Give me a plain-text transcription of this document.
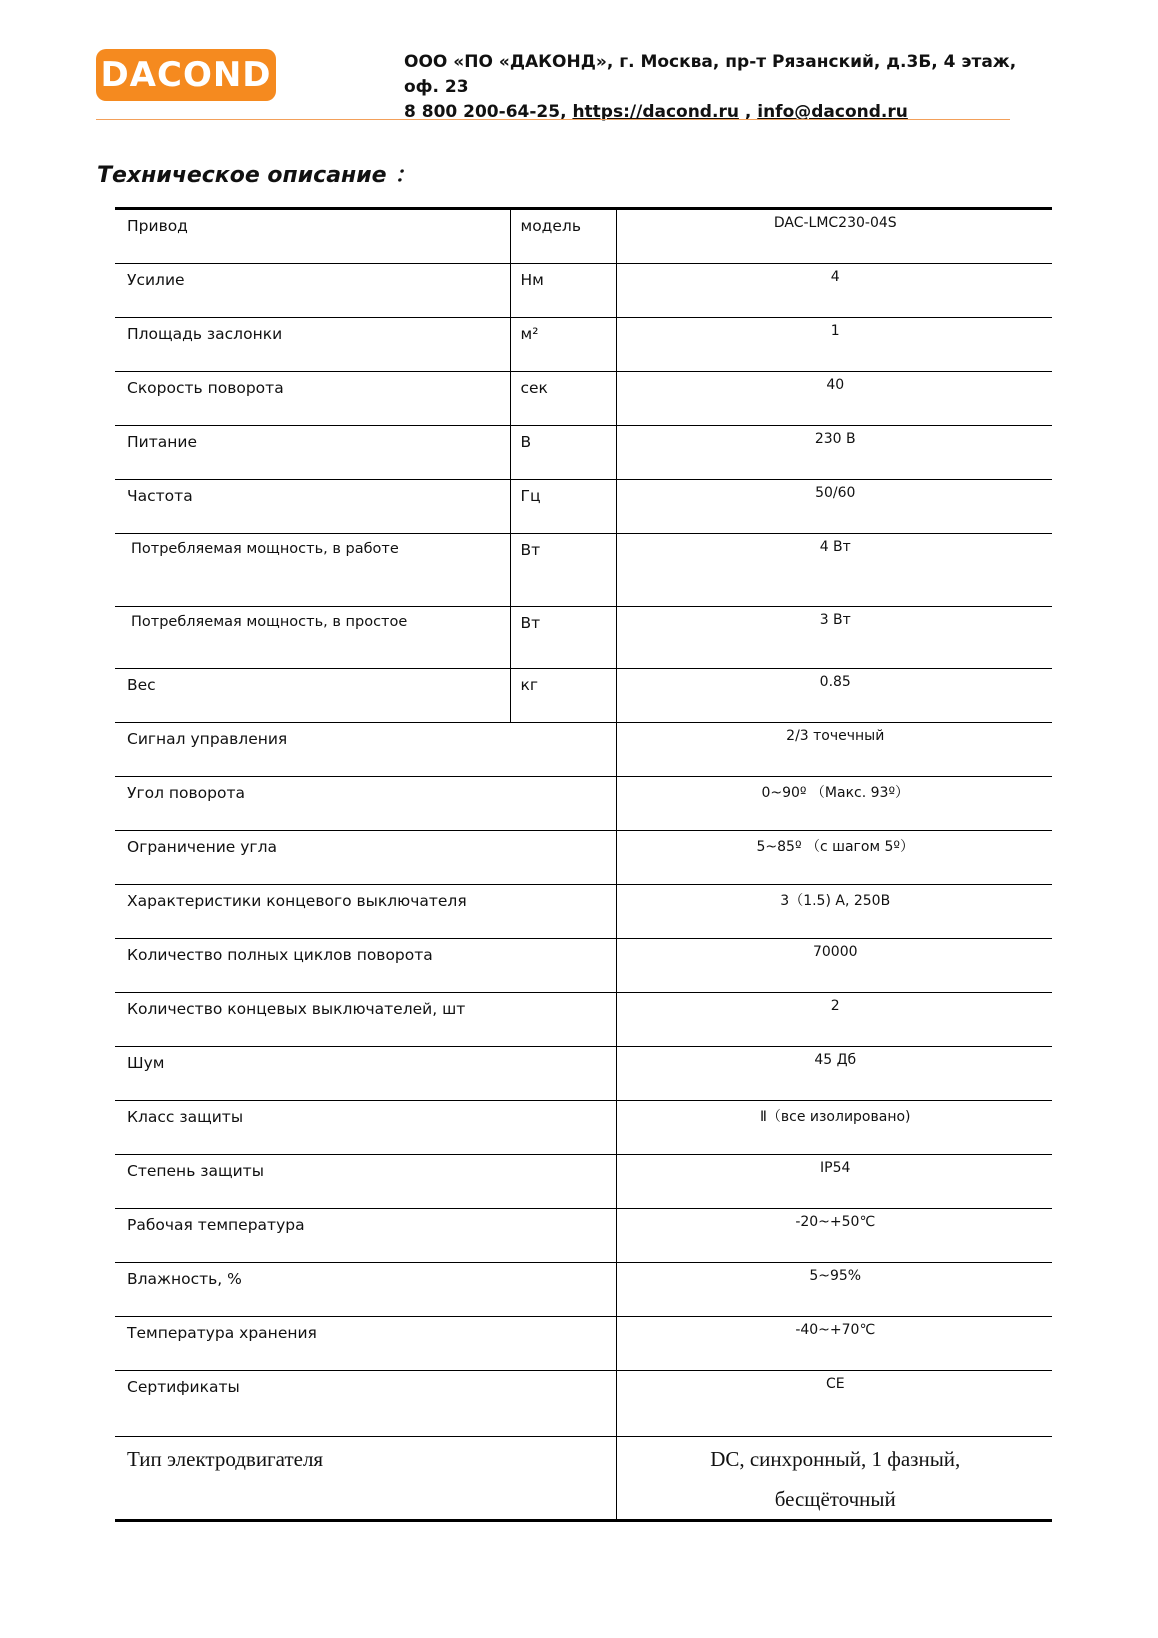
DACOND	ООО «ПО «ДАКОНД», г. Москва, пр-т Рязанский, д.3Б, 4 этаж, оф. 23
8 800 200-64-25, https://dacond.ru , info@dacond.ru
Техническое описание ：
Привод	модель	DAC-LMC230-04S
Усилие	Нм	4
Площадь заслонки	м²	1
Скорость поворота	сек	40
Питание	В	230 В
Частота	Гц	50/60
Потребляемая мощность, в работе	Вт	4 Вт
Потребляемая мощность, в простое	Вт	3 Вт
Вес	кг	0.85
Сигнал управления		2/3 точечный
Угол поворота		0~90º （Макс. 93º）
Ограничение угла		5~85º （с шагом 5º）
Характеристики концевого выключателя		3（1.5) A, 250В
Количество полных циклов поворота		70000
Количество концевых выключателей, шт		2
Шум		45 Дб
Класс защиты		Ⅱ（все изолировано)
Степень защиты		IP54
Рабочая температура		-20~+50℃
Влажность, %		5~95%
Температура хранения		-40~+70℃
Сертификаты		CE
Тип электродвигателя		DC, синхронный, 1 фазный,
бесщёточный
